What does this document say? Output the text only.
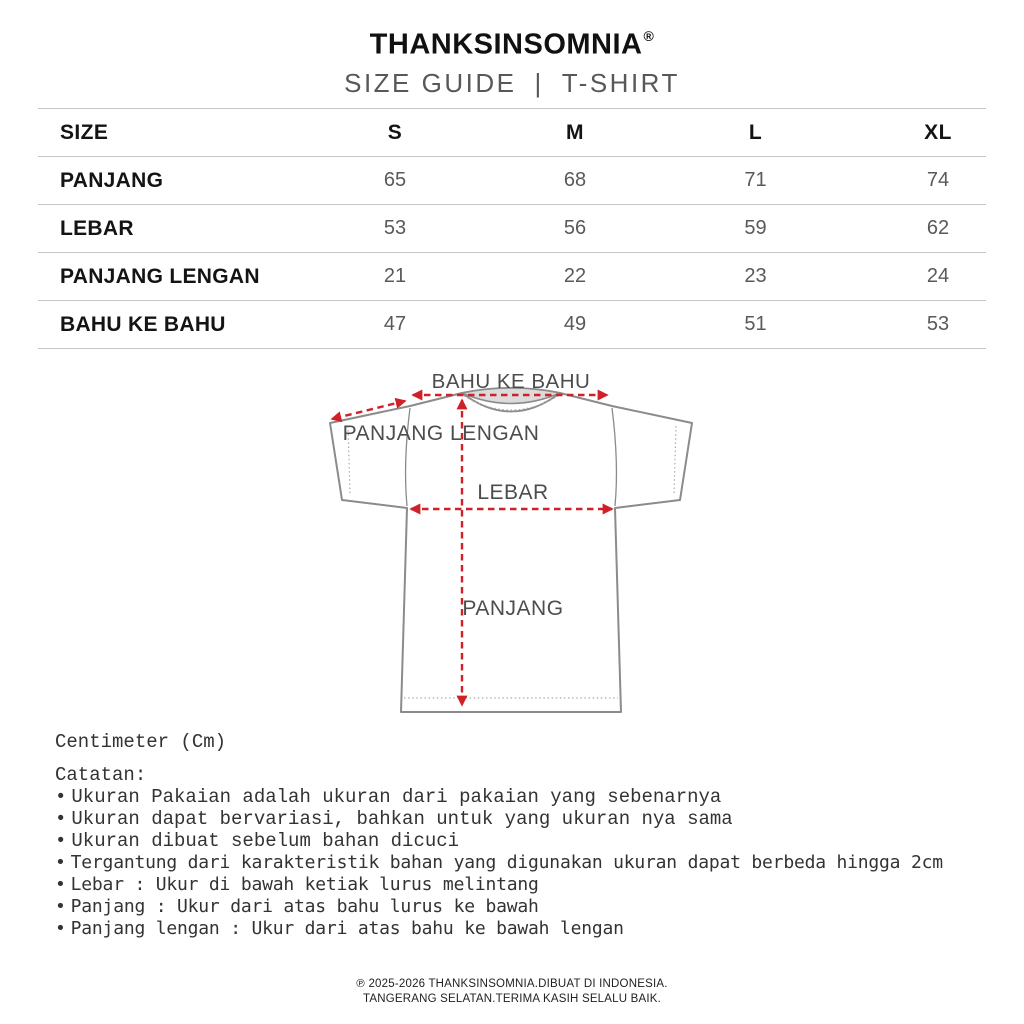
THANKSINSOMNIA®
SIZE GUIDE | T-SHIRT
SIZE	S	M	L	XL
PANJANG	65	68	71	74
LEBAR	53	56	59	62
PANJANG LENGAN	21	22	23	24
BAHU KE BAHU	47	49	51	53
BAHU KE BAHU
PANJANG LENGAN
LEBAR
PANJANG

Centimeter (Cm)

Catatan:

• Ukuran Pakaian adalah ukuran dari pakaian yang sebenarnya
• Ukuran dapat bervariasi, bahkan untuk yang ukuran nya sama
• Ukuran dibuat sebelum bahan dicuci
• Tergantung dari karakteristik bahan yang digunakan ukuran dapat berbeda hingga 2cm
• Lebar : Ukur di bawah ketiak lurus melintang
• Panjang : Ukur dari atas bahu lurus ke bawah
• Panjang lengan : Ukur dari atas bahu ke bawah lengan
℗ 2025-2026 THANKSINSOMNIA.DIBUAT DI INDONESIA.
TANGERANG SELATAN.TERIMA KASIH SELALU BAIK.
